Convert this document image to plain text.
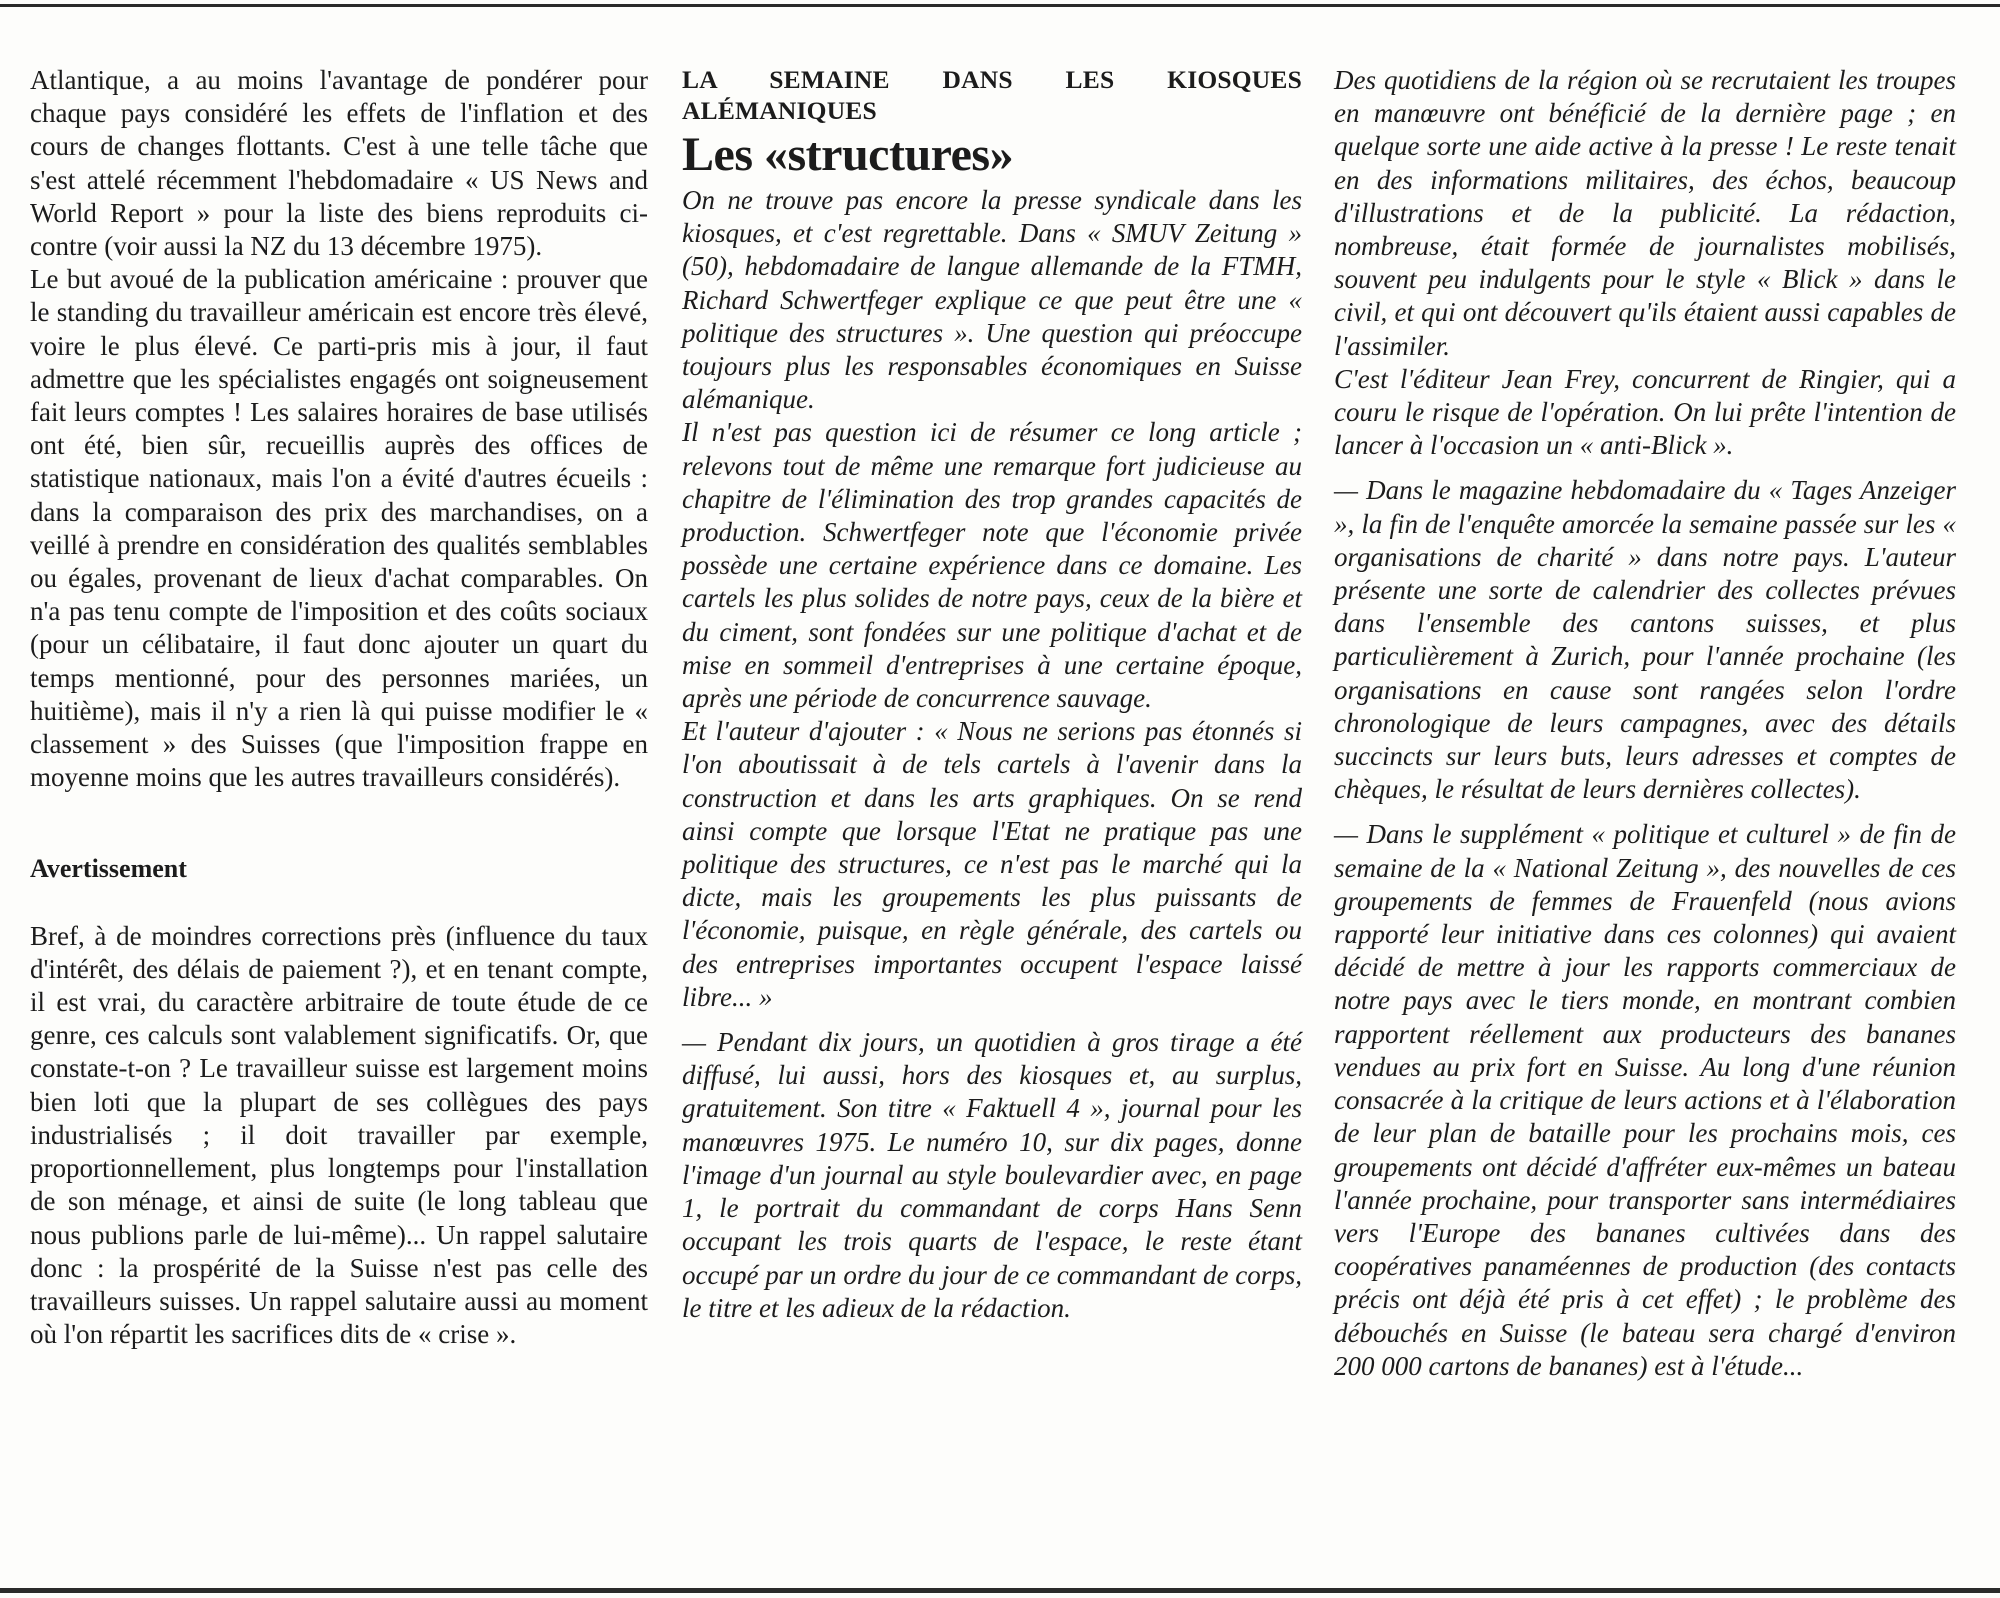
Atlantique, a au moins l'avantage de pondérer pour chaque pays considéré les effets de l'inflation et des cours de changes flottants. C'est à une telle tâche que s'est attelé récemment l'hebdomadaire « US News and World Report » pour la liste des biens reproduits ci-contre (voir aussi la NZ du 13 décembre 1975).

Le but avoué de la publication américaine : prouver que le standing du travailleur américain est encore très élevé, voire le plus élevé. Ce parti-pris mis à jour, il faut admettre que les spécialistes engagés ont soigneusement fait leurs comptes ! Les salaires horaires de base utilisés ont été, bien sûr, recueillis auprès des offices de statistique nationaux, mais l'on a évité d'autres écueils : dans la comparaison des prix des marchandises, on a veillé à prendre en considération des qualités semblables ou égales, provenant de lieux d'achat comparables. On n'a pas tenu compte de l'imposition et des coûts sociaux (pour un célibataire, il faut donc ajouter un quart du temps mentionné, pour des personnes mariées, un huitième), mais il n'y a rien là qui puisse modifier le « classement » des Suisses (que l'imposition frappe en moyenne moins que les autres travailleurs considérés).

Avertissement

Bref, à de moindres corrections près (influence du taux d'intérêt, des délais de paiement ?), et en tenant compte, il est vrai, du caractère arbitraire de toute étude de ce genre, ces calculs sont valablement significatifs. Or, que constate-t-on ? Le travailleur suisse est largement moins bien loti que la plupart de ses collègues des pays industrialisés ; il doit travailler par exemple, proportionnellement, plus longtemps pour l'installation de son ménage, et ainsi de suite (le long tableau que nous publions parle de lui-même)... Un rappel salutaire donc : la prospérité de la Suisse n'est pas celle des travailleurs suisses. Un rappel salutaire aussi au moment où l'on répartit les sacrifices dits de « crise ».

LA SEMAINE DANS LES KIOSQUES ALÉMANIQUES

Les «structures»

On ne trouve pas encore la presse syndicale dans les kiosques, et c'est regrettable. Dans « SMUV Zeitung » (50), hebdomadaire de langue allemande de la FTMH, Richard Schwertfeger explique ce que peut être une « politique des structures ». Une question qui préoccupe toujours plus les responsables économiques en Suisse alémanique.

Il n'est pas question ici de résumer ce long article ; relevons tout de même une remarque fort judicieuse au chapitre de l'élimination des trop grandes capacités de production. Schwertfeger note que l'économie privée possède une certaine expérience dans ce domaine. Les cartels les plus solides de notre pays, ceux de la bière et du ciment, sont fondées sur une politique d'achat et de mise en sommeil d'entreprises à une certaine époque, après une période de concurrence sauvage.

Et l'auteur d'ajouter : « Nous ne serions pas étonnés si l'on aboutissait à de tels cartels à l'avenir dans la construction et dans les arts graphiques. On se rend ainsi compte que lorsque l'Etat ne pratique pas une politique des structures, ce n'est pas le marché qui la dicte, mais les groupements les plus puissants de l'économie, puisque, en règle générale, des cartels ou des entreprises importantes occupent l'espace laissé libre... »

— Pendant dix jours, un quotidien à gros tirage a été diffusé, lui aussi, hors des kiosques et, au surplus, gratuitement. Son titre « Faktuell 4 », journal pour les manœuvres 1975. Le numéro 10, sur dix pages, donne l'image d'un journal au style boulevardier avec, en page 1, le portrait du commandant de corps Hans Senn occupant les trois quarts de l'espace, le reste étant occupé par un ordre du jour de ce commandant de corps, le titre et les adieux de la rédaction.

Des quotidiens de la région où se recrutaient les troupes en manœuvre ont bénéficié de la dernière page ; en quelque sorte une aide active à la presse ! Le reste tenait en des informations militaires, des échos, beaucoup d'illustrations et de la publicité. La rédaction, nombreuse, était formée de journalistes mobilisés, souvent peu indulgents pour le style « Blick » dans le civil, et qui ont découvert qu'ils étaient aussi capables de l'assimiler.

C'est l'éditeur Jean Frey, concurrent de Ringier, qui a couru le risque de l'opération. On lui prête l'intention de lancer à l'occasion un « anti-Blick ».

— Dans le magazine hebdomadaire du « Tages Anzeiger », la fin de l'enquête amorcée la semaine passée sur les « organisations de charité » dans notre pays. L'auteur présente une sorte de calendrier des collectes prévues dans l'ensemble des cantons suisses, et plus particulièrement à Zurich, pour l'année prochaine (les organisations en cause sont rangées selon l'ordre chronologique de leurs campagnes, avec des détails succincts sur leurs buts, leurs adresses et comptes de chèques, le résultat de leurs dernières collectes).

— Dans le supplément « politique et culturel » de fin de semaine de la « National Zeitung », des nouvelles de ces groupements de femmes de Frauenfeld (nous avions rapporté leur initiative dans ces colonnes) qui avaient décidé de mettre à jour les rapports commerciaux de notre pays avec le tiers monde, en montrant combien rapportent réellement aux producteurs des bananes vendues au prix fort en Suisse. Au long d'une réunion consacrée à la critique de leurs actions et à l'élaboration de leur plan de bataille pour les prochains mois, ces groupements ont décidé d'affréter eux-mêmes un bateau l'année prochaine, pour transporter sans intermédiaires vers l'Europe des bananes cultivées dans des coopératives panaméennes de production (des contacts précis ont déjà été pris à cet effet) ; le problème des débouchés en Suisse (le bateau sera chargé d'environ 200 000 cartons de bananes) est à l'étude...
